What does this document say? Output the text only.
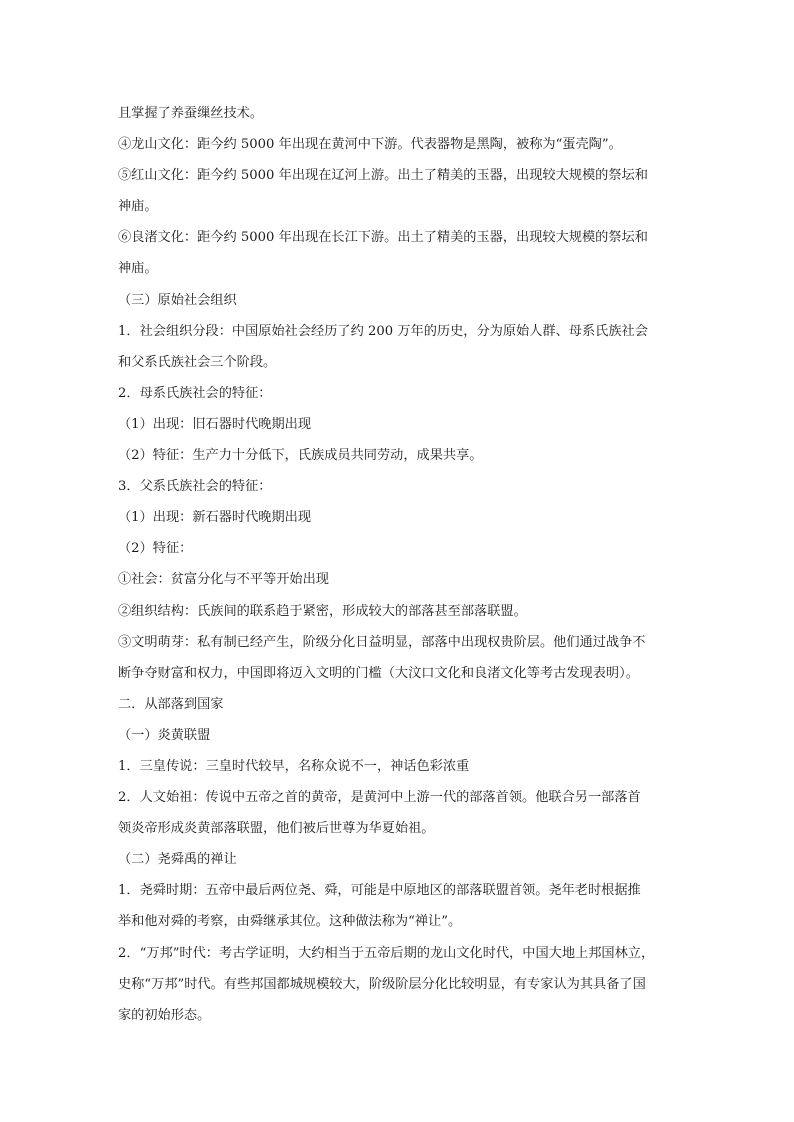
且掌握了养蚕缫丝技术。
④龙山文化：距今约 5000 年出现在黄河中下游。代表器物是黑陶，被称为“蛋壳陶”。
⑤红山文化：距今约 5000 年出现在辽河上游。出土了精美的玉器，出现较大规模的祭坛和
神庙。
⑥良渚文化：距今约 5000 年出现在长江下游。出土了精美的玉器，出现较大规模的祭坛和
神庙。
（三）原始社会组织
1．社会组织分段：中国原始社会经历了约 200 万年的历史，分为原始人群、母系氏族社会
和父系氏族社会三个阶段。
2．母系氏族社会的特征：
（1）出现：旧石器时代晚期出现
（2）特征：生产力十分低下，氏族成员共同劳动，成果共享。
3．父系氏族社会的特征：
（1）出现：新石器时代晚期出现
（2）特征：
①社会：贫富分化与不平等开始出现
②组织结构：氏族间的联系趋于紧密，形成较大的部落甚至部落联盟。
③文明萌芽：私有制已经产生，阶级分化日益明显，部落中出现权贵阶层。他们通过战争不
断争夺财富和权力，中国即将迈入文明的门槛（大汶口文化和良渚文化等考古发现表明）。
二．从部落到国家
（一）炎黄联盟
1．三皇传说：三皇时代较早，名称众说不一，神话色彩浓重
2．人文始祖：传说中五帝之首的黄帝，是黄河中上游一代的部落首领。他联合另一部落首
领炎帝形成炎黄部落联盟，他们被后世尊为华夏始祖。
（二）尧舜禹的禅让
1．尧舜时期：五帝中最后两位尧、舜，可能是中原地区的部落联盟首领。尧年老时根据推
举和他对舜的考察，由舜继承其位。这种做法称为“禅让”。
2．“万邦”时代：考古学证明，大约相当于五帝后期的龙山文化时代，中国大地上邦国林立，
史称“万邦”时代。有些邦国都城规模较大，阶级阶层分化比较明显，有专家认为其具备了国
家的初始形态。
